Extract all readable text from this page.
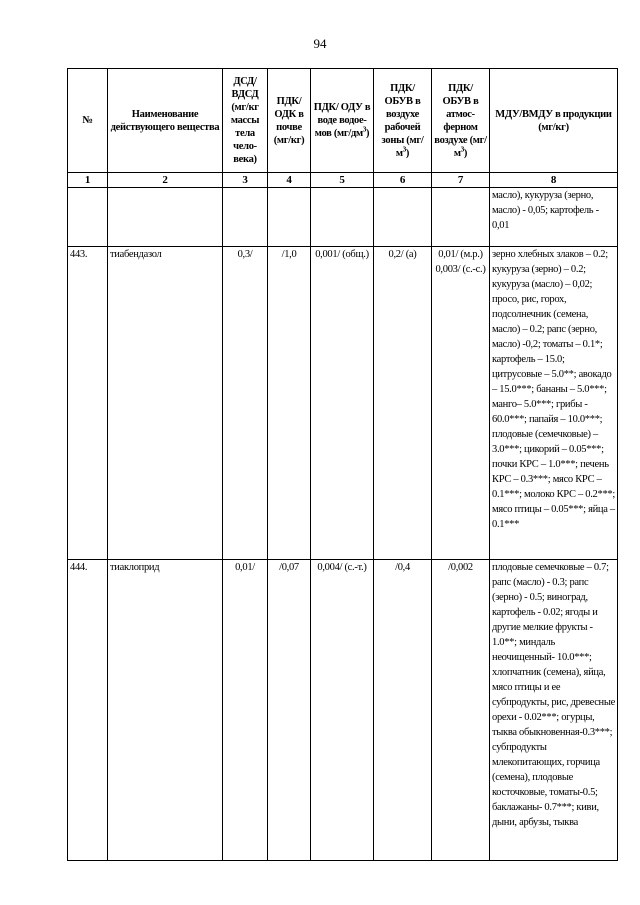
94
№	Наименование действующего вещества	ДСД/ ВДСД (мг/кг массы тела чело- века)	ПДК/ ОДК в почве (мг/кг)	ПДК/ ОДУ в воде водое- мов $(мг/дм^3)$	ПДК/ ОБУВ в воздухе рабочей зоны $(мг/м^3)$	ПДК/ ОБУВ в атмос- ферном воздухе $(мг/м^3)$	МДУ/ВМДУ в продукции (мг/кг)
1	2	3	4	5	6	7	8
							масло), кукуруза (зерно, масло) - 0,05; картофель - 0,01
443.	тиабендазол	0,3/	/1,0	0,001/ (общ.)	0,2/ (а)	0,01/ (м.р.) 0,003/ (с.-с.)	зерно хлебных злаков – 0.2; кукуруза (зерно) – 0.2; кукуруза (масло) – 0,02; просо, рис, горох, подсолнечник (семена, масло) – 0.2; рапс (зерно, масло) -0,2; томаты – 0.1*; картофель – 15.0; цитрусовые – 5.0**; авокадо – 15.0***; бананы – 5.0***; манго– 5.0***; грибы - 60.0***; папайя – 10.0***; плодовые (семечковые) – 3.0***; цикорий – 0.05***; почки КРС – 1.0***; печень КРС – 0.3***; мясо КРС – 0.1***; молоко КРС – 0.2***; мясо птицы – 0.05***; яйца – 0.1***
444.	тиаклоприд	0,01/	/0,07	0,004/ (с.-т.)	/0,4	/0,002	плодовые семечковые – 0.7; рапс (масло) - 0.3; рапс (зерно) - 0.5; виноград, картофель - 0.02; ягоды и другие мелкие фрукты - 1.0**; миндаль неочищенный- 10.0***; хлопчатник (семена), яйца, мясо птицы и ее субпродукты, рис, древесные орехи - 0.02***; огурцы, тыква обыкновенная-0.3***; субпродукты млекопитающих, горчица (семена), плодовые косточковые, томаты-0.5; баклажаны- 0.7***; киви, дыни, арбузы, тыква
